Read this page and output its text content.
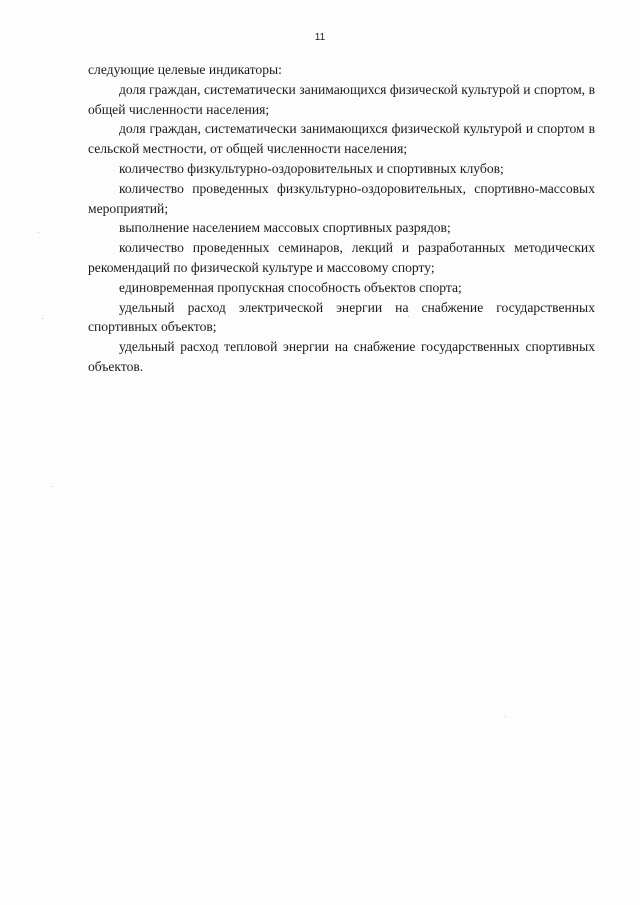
11

следующие целевые индикаторы:

доля граждан, систематически занимающихся физической культурой и спортом, в общей численности населения;

доля граждан, систематически занимающихся физической культурой и спортом в сельской местности, от общей численности населения;

количество физкультурно-оздоровительных и спортивных клубов;

количество проведенных физкультурно-оздоровительных, спортивно-массовых мероприятий;

выполнение населением массовых спортивных разрядов;

количество проведенных семинаров, лекций и разработанных методических рекомендаций по физической культуре и массовому спорту;

единовременная пропускная способность объектов спорта;

удельный расход электрической энергии на снабжение государственных спортивных объектов;

удельный расход тепловой энергии на снабжение государственных спортивных объектов.
